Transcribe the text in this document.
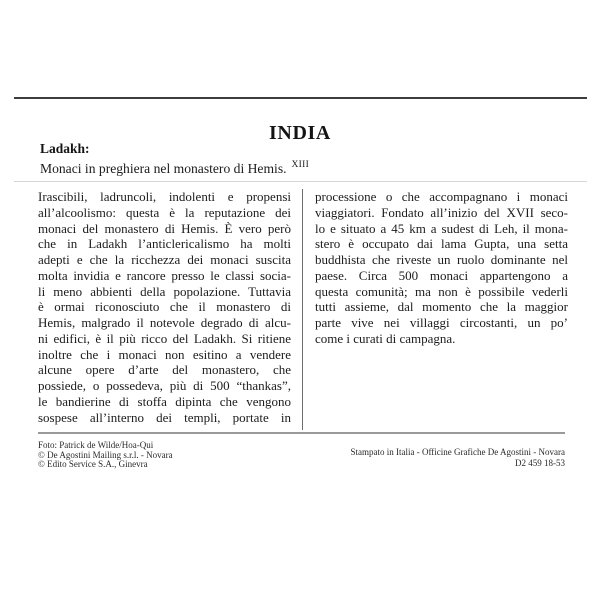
INDIA
Ladakh:
Monaci in preghiera nel monastero di Hemis. $^{XIII}$
Irascibili, ladruncoli, indolenti e propensi
all’alcoolismo: questa è la reputazione dei
monaci del monastero di Hemis. È vero però
che in Ladakh l’anticlericalismo ha molti
adepti e che la ricchezza dei monaci suscita
molta invidia e rancore presso le classi socia-
li meno abbienti della popolazione. Tuttavia
è ormai riconosciuto che il monastero di
Hemis, malgrado il notevole degrado di alcu-
ni edifici, è il più ricco del Ladakh. Si ritiene
inoltre che i monaci non esitino a vendere
alcune opere d’arte del monastero, che
possiede, o possedeva, più di 500 “thankas”,
le bandierine di stoffa dipinta che vengono
sospese all’interno dei templi, portate in
processione o che accompagnano i monaci
viaggiatori. Fondato all’inizio del XVII seco-
lo e situato a 45 km a sudest di Leh, il mona-
stero è occupato dai lama Gupta, una setta
buddhista che riveste un ruolo dominante nel
paese. Circa 500 monaci appartengono a
questa comunità; ma non è possibile vederli
tutti assieme, dal momento che la maggior
parte vive nei villaggi circostanti, un po’
come i curati di campagna.
Foto: Patrick de Wilde/Hoa-Qui
© De Agostini Mailing s.r.l. - Novara
© Edito Service S.A., Ginevra
Stampato in Italia - Officine Grafiche De Agostini - Novara
D2 459 18-53
